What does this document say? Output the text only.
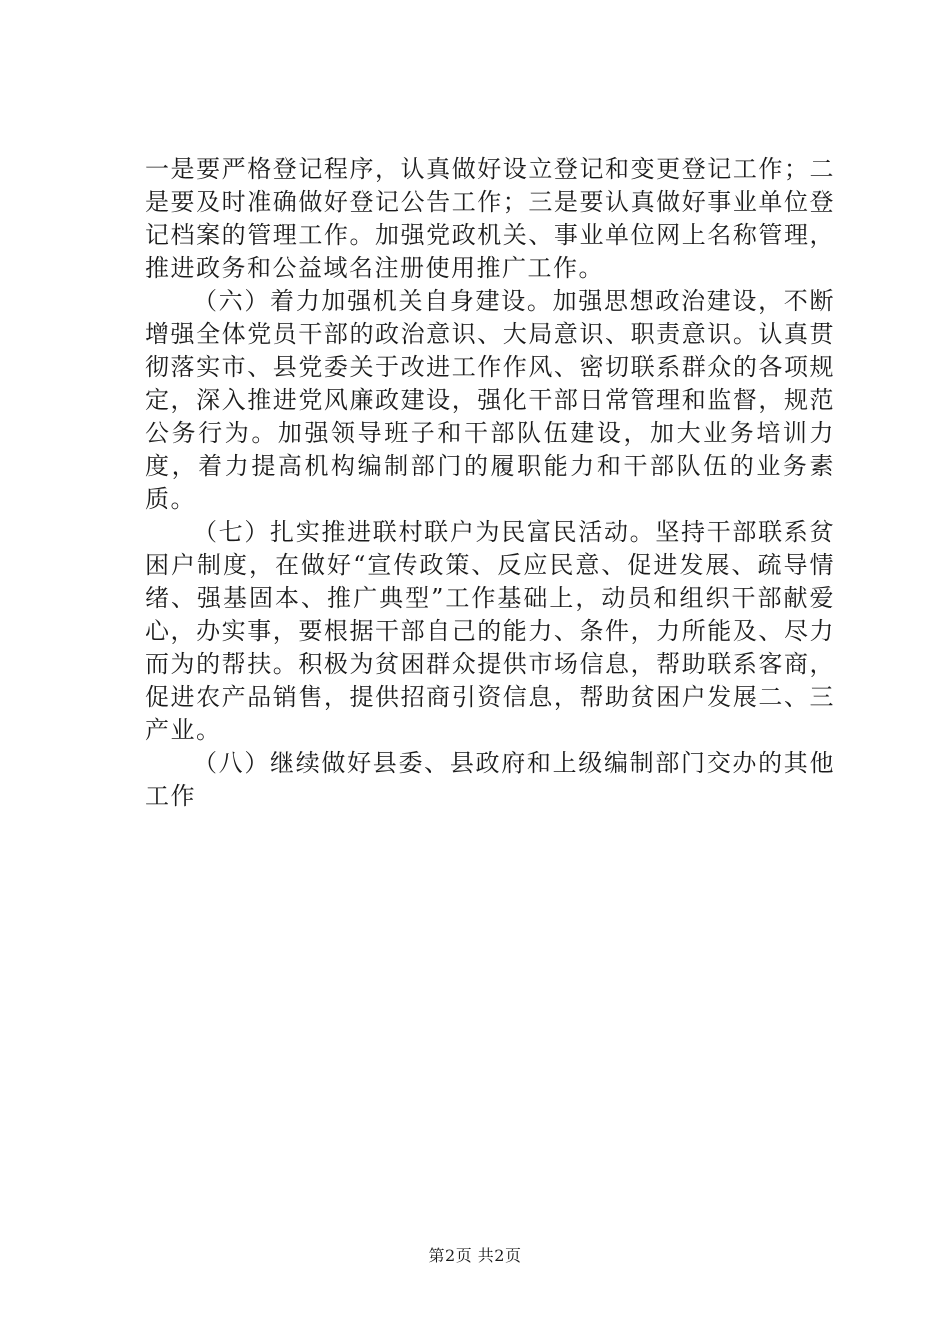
一是要严格登记程序，认真做好设立登记和变更登记工作；二是要及时准确做好登记公告工作；三是要认真做好事业单位登记档案的管理工作。加强党政机关、事业单位网上名称管理，推进政务和公益域名注册使用推广工作。

（六）着力加强机关自身建设。加强思想政治建设，不断增强全体党员干部的政治意识、大局意识、职责意识。认真贯彻落实市、县党委关于改进工作作风、密切联系群众的各项规定，深入推进党风廉政建设，强化干部日常管理和监督，规范公务行为。加强领导班子和干部队伍建设，加大业务培训力度，着力提高机构编制部门的履职能力和干部队伍的业务素质。

（七）扎实推进联村联户为民富民活动。坚持干部联系贫困户制度，在做好“宣传政策、反应民意、促进发展、疏导情绪、强基固本、推广典型”工作基础上，动员和组织干部献爱心，办实事，要根据干部自己的能力、条件，力所能及、尽力而为的帮扶。积极为贫困群众提供市场信息，帮助联系客商，促进农产品销售，提供招商引资信息，帮助贫困户发展二、三产业。

（八）继续做好县委、县政府和上级编制部门交办的其他工作

第2页 共2页
